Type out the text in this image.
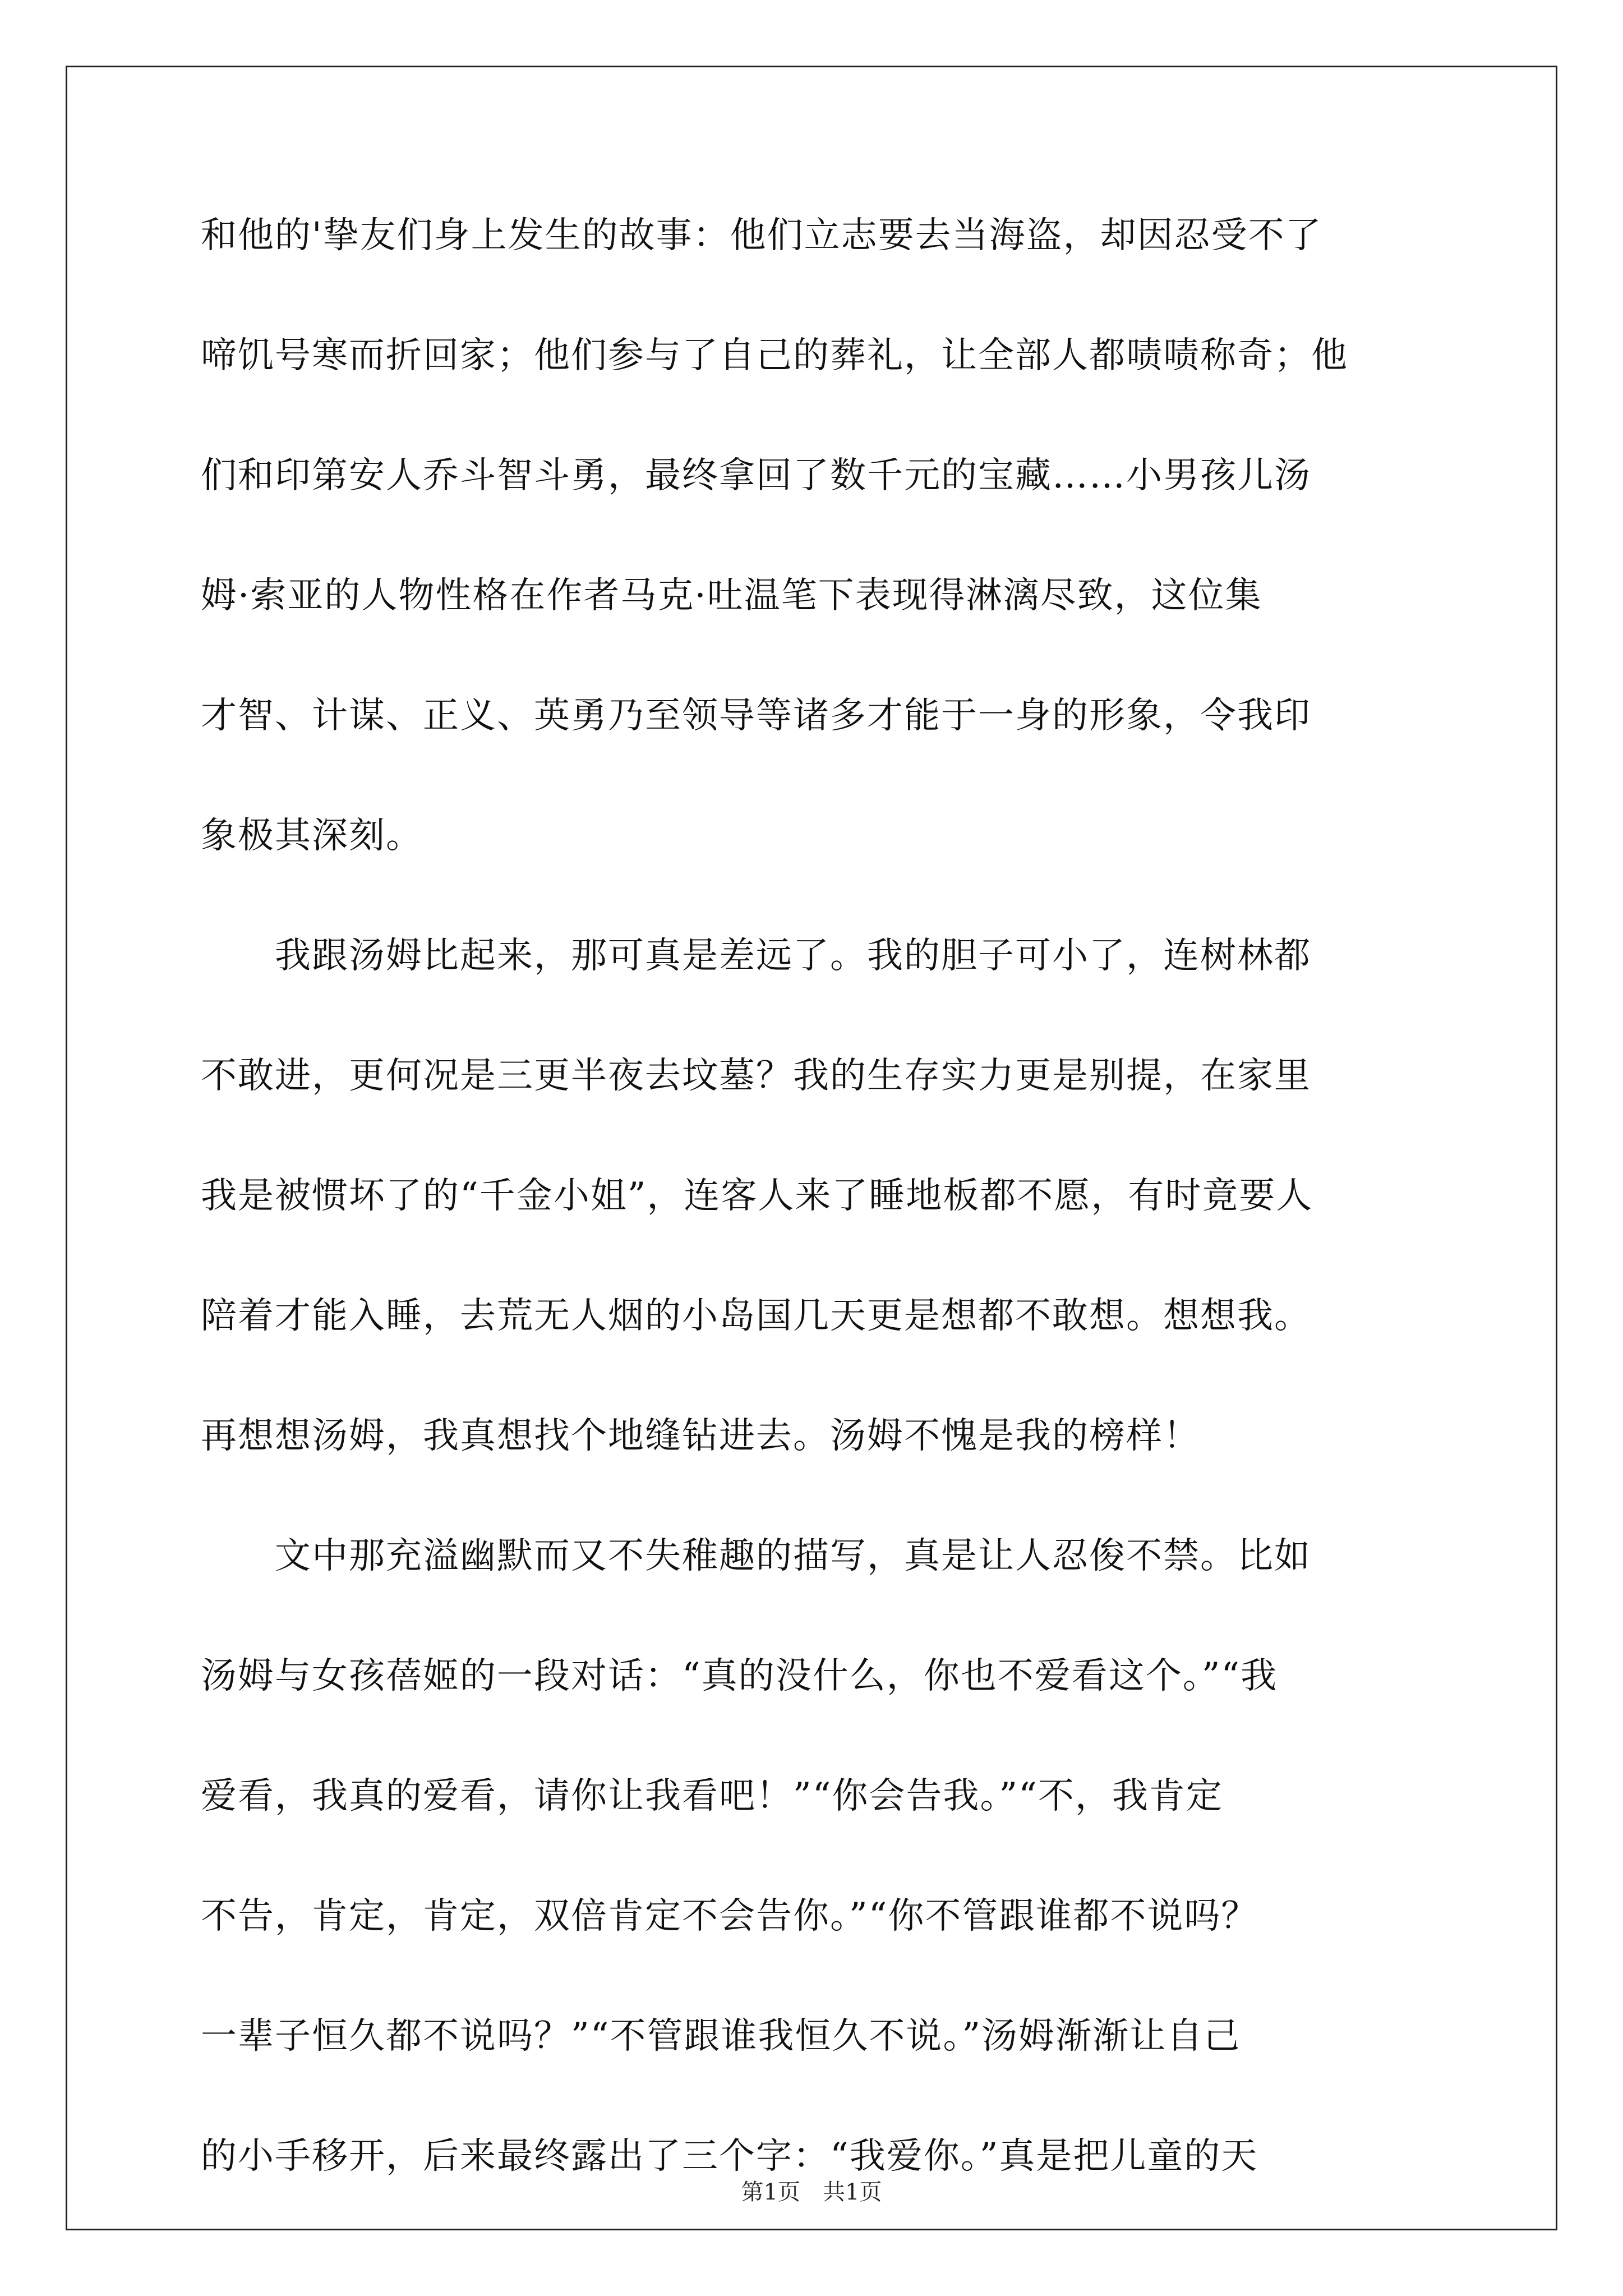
和他的'挚友们身上发生的故事：他们立志要去当海盗，却因忍受不了
啼饥号寒而折回家；他们参与了自己的葬礼，让全部人都啧啧称奇；他
们和印第安人乔斗智斗勇，最终拿回了数千元的宝藏……小男孩儿汤
姆·索亚的人物性格在作者马克·吐温笔下表现得淋漓尽致，这位集
才智、计谋、正义、英勇乃至领导等诸多才能于一身的形象，令我印
象极其深刻。
　　我跟汤姆比起来，那可真是差远了。我的胆子可小了，连树林都
不敢进，更何况是三更半夜去坟墓？我的生存实力更是别提，在家里
我是被惯坏了的“千金小姐”，连客人来了睡地板都不愿，有时竟要人
陪着才能入睡，去荒无人烟的小岛国几天更是想都不敢想。想想我。
再想想汤姆，我真想找个地缝钻进去。汤姆不愧是我的榜样！
　　文中那充溢幽默而又不失稚趣的描写，真是让人忍俊不禁。比如
汤姆与女孩蓓姬的一段对话：“真的没什么，你也不爱看这个。”“我
爱看，我真的爱看，请你让我看吧！”“你会告我。”“不，我肯定
不告，肯定，肯定，双倍肯定不会告你。”“你不管跟谁都不说吗？
一辈子恒久都不说吗？”“不管跟谁我恒久不说。”汤姆渐渐让自己
的小手移开，后来最终露出了三个字：“我爱你。”真是把儿童的天
第1页　共1页
